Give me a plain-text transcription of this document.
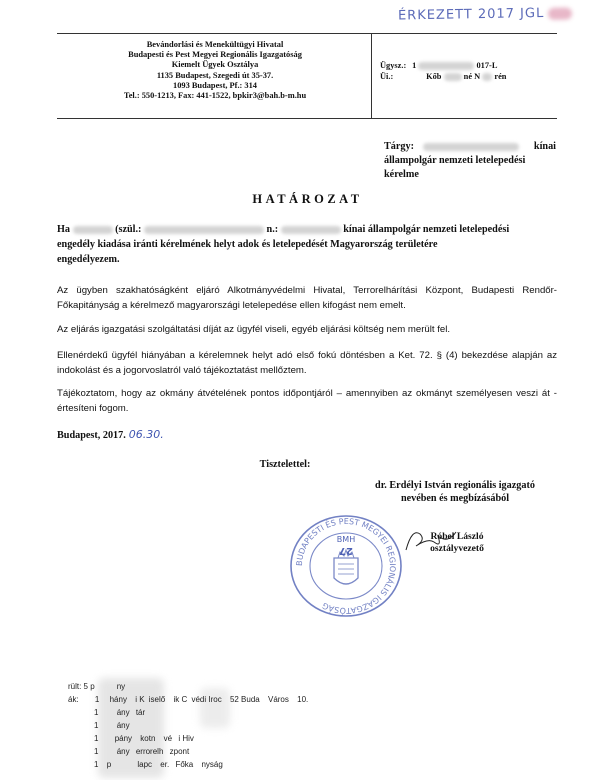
ÉRKEZETT 2017 JGL
Bevándorlási és Menekültügyi Hivatal
Budapesti és Pest Megyei Regionális Igazgatóság
Kiemelt Ügyek Osztálya
1135 Budapest, Szegedi út 35-37.
1093 Budapest, Pf.: 314
Tel.: 550-1213, Fax: 441-1522, bpkir3@bah.b-m.hu
Ügysz.: 1	017-L
Üi.:	Kőb	né N rén
Tárgy:	kínai
állampolgár nemzeti letelepedési
kérelme
HATÁROZAT
Ha	(szül.:	n.:	kínai állampolgár nemzeti letelepedési
engedély kiadása iránti kérelmének helyt adok és letelepedését Magyarország területére
engedélyezem.
Az ügyben szakhatóságként eljáró Alkotmányvédelmi Hivatal, Terrorelhárítási Központ, Budapesti Rendőr-Főkapitányság a kérelmező magyarországi letelepedése ellen kifogást nem emelt.
Az eljárás igazgatási szolgáltatási díját az ügyfél viseli, egyéb eljárási költség nem merült fel.
Ellenérdekű ügyfél hiányában a kérelemnek helyt adó első fokú döntésben a Ket. 72. § (4) bekezdése alapján az indokolást és a jogorvoslatról való tájékoztatást mellőztem.
Tájékoztatom, hogy az okmány átvételének pontos időpontjáról – amennyiben az okmányt személyesen veszi át - értesíteni fogom.
Budapest, 2017. 06.30.
Tisztelettel:
dr. Erdélyi István regionális igazgató
nevében és megbízásából
BUDAPESTI ÉS PEST MEGYEI REGIONÁLIS IGAZGATÓSÁG
BMH
27
Róbel László
osztályvezető
rült: 5 p	ny
ák: 1 hány i K iselő ik C védi Iroc 52 Buda Város 10.
1 ány tár
1 ány
1 pány kotn vé i Hiv
1 ány errorelh zpont
1 p	lapc er. Főka nyság
